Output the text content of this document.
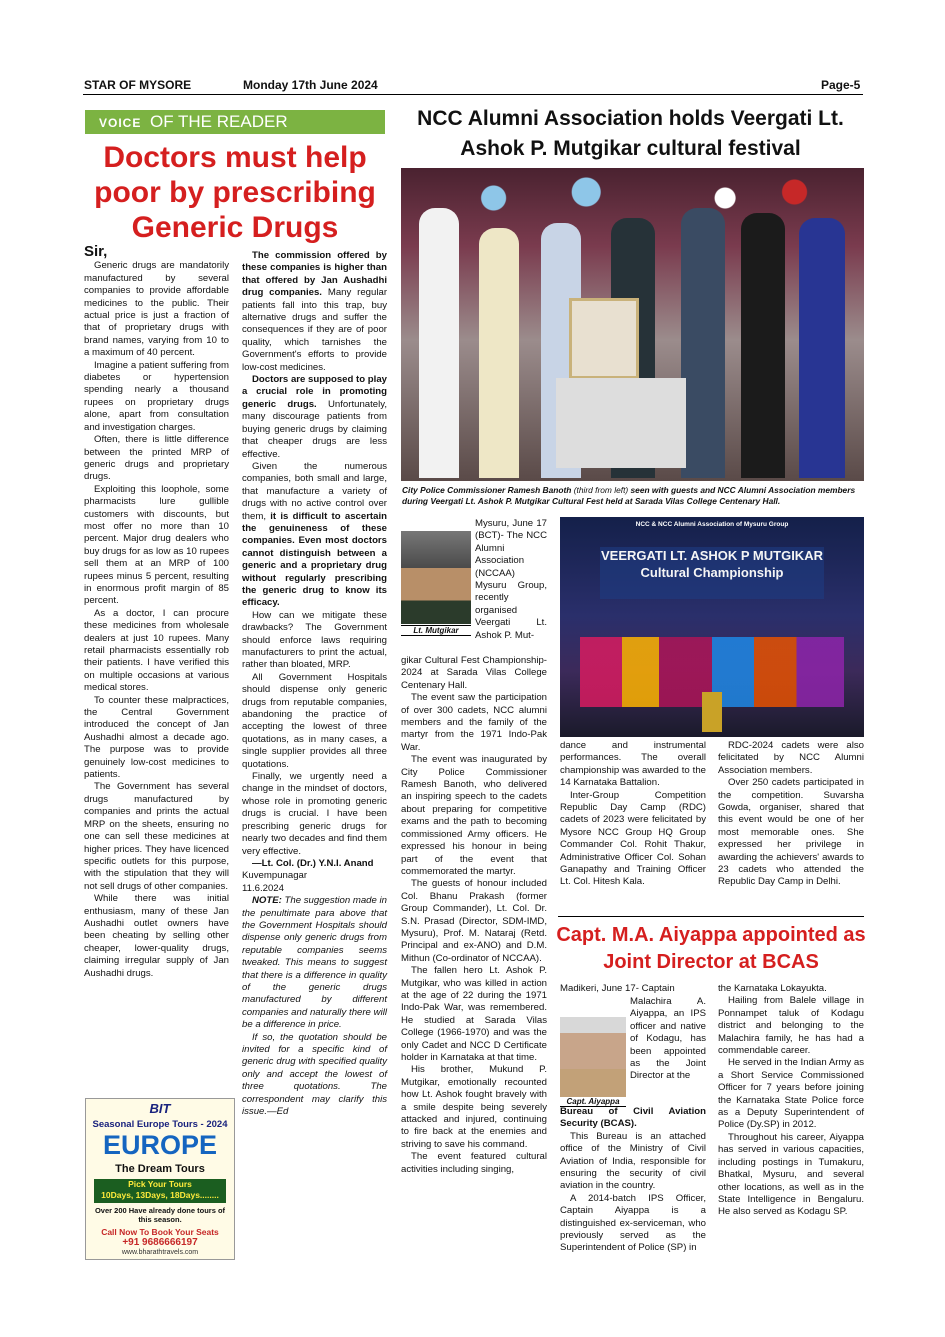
STAR OF MYSORE	Monday 17th June 2024	Page-5
VOICE OF THE READER
Doctors must help poor by prescribing Generic Drugs

Sir,

Generic drugs are mandatorily manufactured by several companies to provide affordable medicines to the public. Their actual price is just a fraction of that of proprietary drugs with brand names, varying from 10 to a maximum of 40 percent.

Imagine a patient suffering from diabetes or hypertension spending nearly a thousand rupees on proprietary drugs alone, apart from consultation and investigation charges.

Often, there is little difference between the printed MRP of generic drugs and proprietary drugs.

Exploiting this loophole, some pharmacists lure gullible customers with discounts, but most offer no more than 10 percent. Major drug dealers who buy drugs for as low as 10 rupees sell them at an MRP of 100 rupees minus 5 percent, resulting in enormous profit margin of 85 percent.

As a doctor, I can procure these medicines from wholesale dealers at just 10 rupees. Many retail pharmacists essentially rob their patients. I have verified this on multiple occasions at various medical stores.

To counter these malpractices, the Central Government introduced the concept of Jan Aushadhi almost a decade ago. The purpose was to provide genuinely low-cost medicines to patients.

The Government has several drugs manufactured by companies and prints the actual MRP on the sheets, ensuring no one can sell these medicines at higher prices. They have licenced specific outlets for this purpose, with the stipulation that they will not sell drugs of other companies.

While there was initial enthusiasm, many of these Jan Aushadhi outlet owners have been cheating by selling other cheaper, lower-quality drugs, claiming irregular supply of Jan Aushadhi drugs.

The commission offered by these companies is higher than that offered by Jan Aushadhi drug companies. Many regular patients fall into this trap, buy alternative drugs and suffer the consequences if they are of poor quality, which tarnishes the Government's efforts to provide low-cost medicines.

Doctors are supposed to play a crucial role in promoting generic drugs. Unfortunately, many discourage patients from buying generic drugs by claiming that cheaper drugs are less effective.

Given the numerous companies, both small and large, that manufacture a variety of drugs with no active control over them, it is difficult to ascertain the genuineness of these companies. Even most doctors cannot distinguish between a generic and a proprietary drug without regularly prescribing the generic drug to know its efficacy.

How can we mitigate these drawbacks? The Government should enforce laws requiring manufacturers to print the actual, rather than bloated, MRP.

All Government Hospitals should dispense only generic drugs from reputable companies, abandoning the practice of accepting the lowest of three quotations, as in many cases, a single supplier provides all three quotations.

Finally, we urgently need a change in the mindset of doctors, whose role in promoting generic drugs is crucial. I have been prescribing generic drugs for nearly two decades and find them very effective.

—Lt. Col. (Dr.) Y.N.I. Anand

Kuvempunagar

11.6.2024

NOTE: The suggestion made in the penultimate para above that the Government Hospitals should dispense only generic drugs from reputable companies seems tweaked. This means to suggest that there is a difference in quality of the generic drugs manufactured by different companies and naturally there will be a difference in price.

If so, the quotation should be invited for a specific kind of generic drug with specified quality only and accept the lowest of three quotations. The correspondent may clarify this issue.—Ed

BIT
Seasonal Europe Tours - 2024
EUROPE
The Dream Tours
Pick Your Tours
10Days, 13Days, 18Days........
Over 200 Have already done tours of this season.
Call Now To Book Your Seats
+91 9686666197
www.bharathtravels.com
NCC Alumni Association holds Veergati Lt. Ashok P. Mutgikar cultural festival
City Police Commissioner Ramesh Banoth (third from left) seen with guests and NCC Alumni Association members during Veergati Lt. Ashok P. Mutgikar Cultural Fest held at Sarada Vilas College Centenary Hall.
Lt. Mutgikar

Mysuru, June 17 (BCT)- The NCC Alumni Association (NCCAA) Mysuru Group, recently organised Veergati Lt. Ashok P. Mut-

gikar Cultural Fest Championship-2024 at Sarada Vilas College Centenary Hall.

The event saw the participation of over 300 cadets, NCC alumni members and the family of the martyr from the 1971 Indo-Pak War.

The event was inaugurated by City Police Commissioner Ramesh Banoth, who delivered an inspiring speech to the cadets about preparing for competitive exams and the path to becoming commissioned Army officers. He expressed his honour in being part of the event that commemorated the martyr.

The guests of honour included Col. Bhanu Prakash (former Group Commander), Lt. Col. Dr. S.N. Prasad (Director, SDM-IMD, Mysuru), Prof. M. Nataraj (Retd. Principal and ex-ANO) and D.M. Mithun (Co-ordinator of NCCAA).

The fallen hero Lt. Ashok P. Mutgikar, who was killed in action at the age of 22 during the 1971 Indo-Pak War, was remembered. He studied at Sarada Vilas College (1966-1970) and was the only Cadet and NCC D Certificate holder in Karnataka at that time.

His brother, Mukund P. Mutgikar, emotionally recounted how Lt. Ashok fought bravely with a smile despite being severely attacked and injured, continuing to fire back at the enemies and striving to save his command.

The event featured cultural activities including singing,

NCC & NCC Alumni Association of Mysuru Group
VEERGATI LT. ASHOK P MUTGIKAR Cultural Championship

dance and instrumental performances. The overall championship was awarded to the 14 Karnataka Battalion.

Inter-Group Competition Republic Day Camp (RDC) cadets of 2023 were felicitated by Mysore NCC Group HQ Group Commander Col. Rohit Thakur, Administrative Officer Col. Sohan Ganapathy and Training Officer Lt. Col. Hitesh Kala.

RDC-2024 cadets were also felicitated by NCC Alumni Association members.

Over 250 cadets participated in the competition. Suvarsha Gowda, organiser, shared that this event would be one of her most memorable ones. She expressed her privilege in awarding the achievers' awards to 23 cadets who attended the Republic Day Camp in Delhi.

Capt. M.A. Aiyappa appointed as Joint Director at BCAS
Capt. Aiyappa

Madikeri, June 17- Captain

Malachira A. Aiyappa, an IPS officer and native of Kodagu, has been appointed as the Joint Director at the

Bureau of Civil Aviation Security (BCAS).

This Bureau is an attached office of the Ministry of Civil Aviation of India, responsible for ensuring the security of civil aviation in the country.

A 2014-batch IPS Officer, Captain Aiyappa is a distinguished ex-serviceman, who previously served as the Superintendent of Police (SP) in

the Karnataka Lokayukta.

Hailing from Balele village in Ponnampet taluk of Kodagu district and belonging to the Malachira family, he has had a commendable career.

He served in the Indian Army as a Short Service Commissioned Officer for 7 years before joining the Karnataka State Police force as a Deputy Superintendent of Police (Dy.SP) in 2012.

Throughout his career, Aiyappa has served in various capacities, including postings in Tumakuru, Bhatkal, Mysuru, and several other locations, as well as in the State Intelligence in Bengaluru. He also served as Kodagu SP.
